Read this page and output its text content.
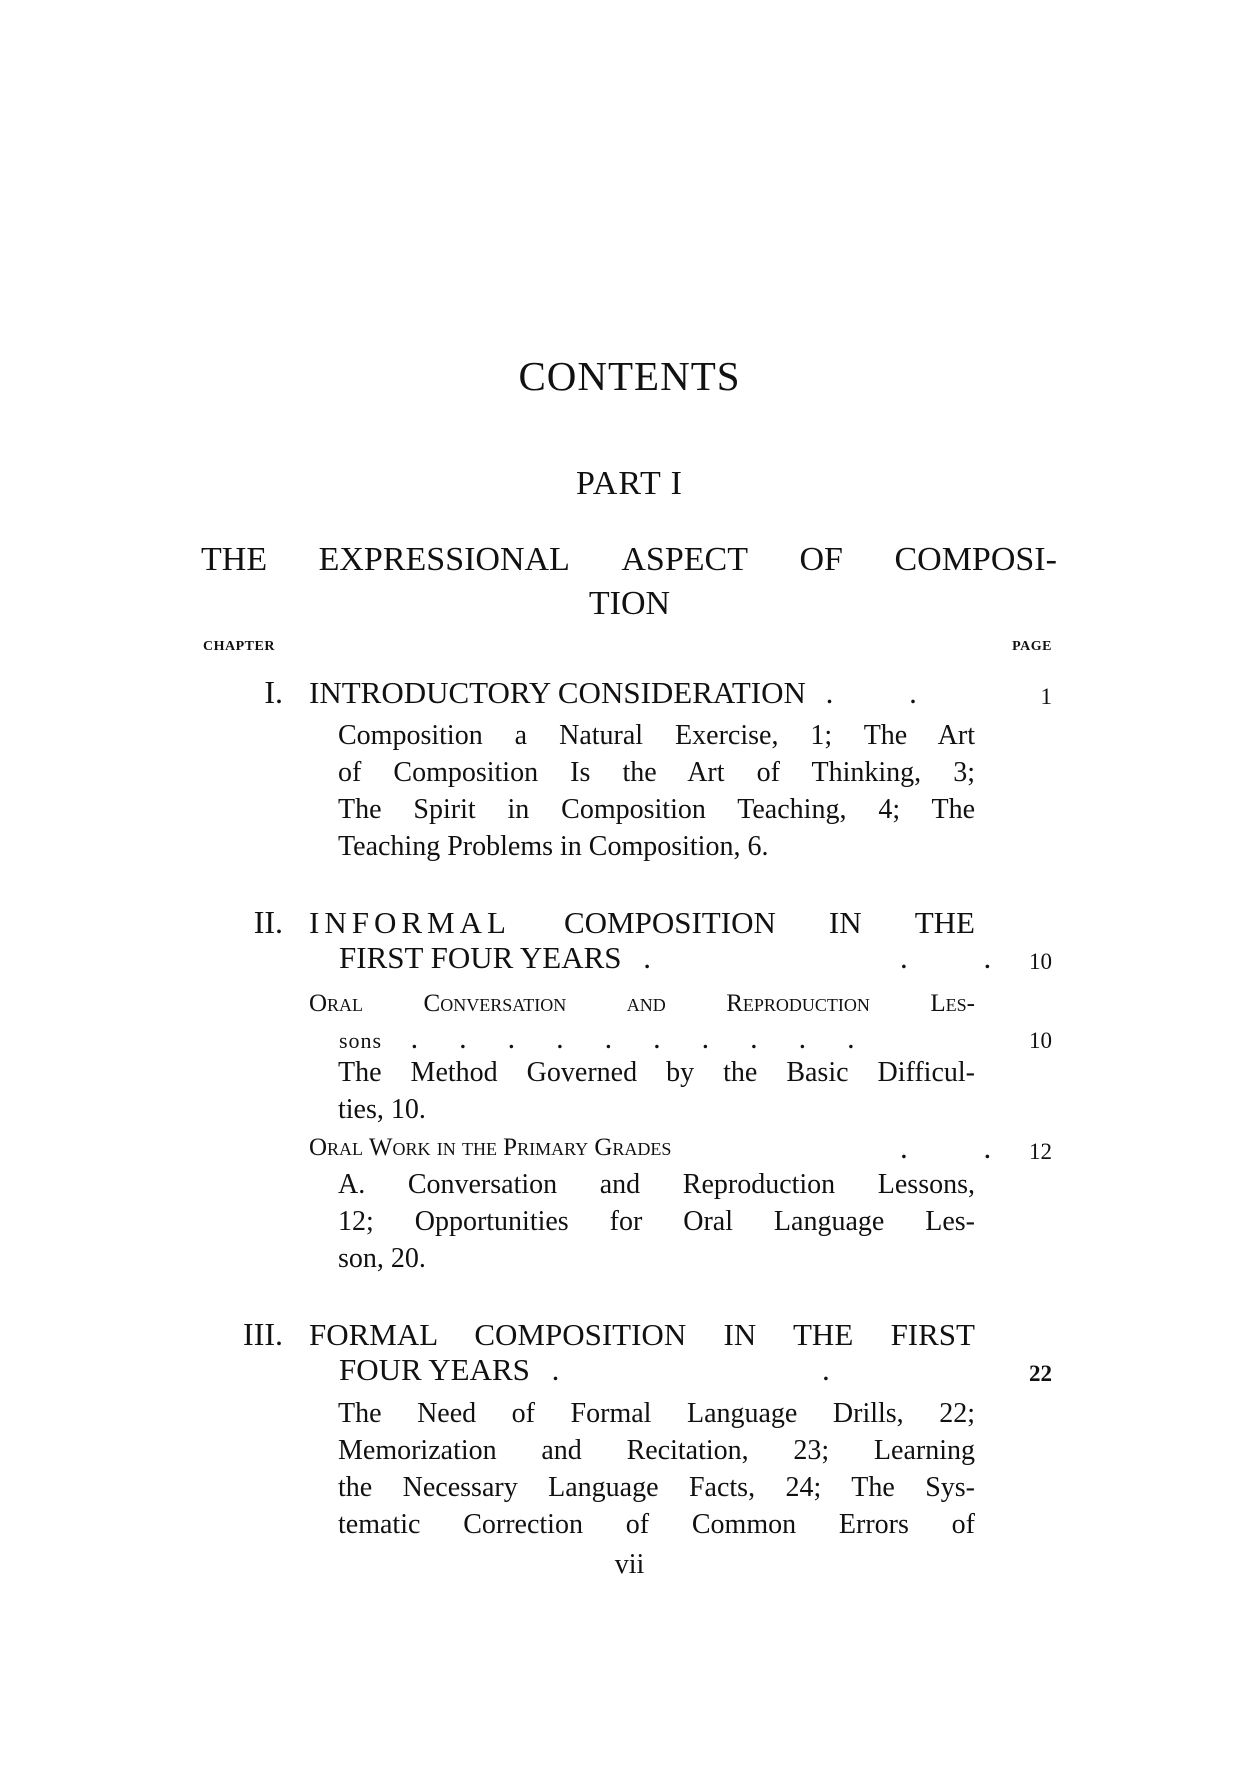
CONTENTS
PART I
THE EXPRESSIONAL ASPECT OF COMPOSI-
TION
CHAPTER	PAGE
I. INTRODUCTORY CONSIDERATION . .	1
Composition a Natural Exercise, 1; The Art
of Composition Is the Art of Thinking, 3;
The Spirit in Composition Teaching, 4; The
Teaching Problems in Composition, 6.
II. INFORMAL COMPOSITION IN THE
FIRST FOUR YEARS .	. . 10
Oral Conversation and Reproduction Les-
sons ..........	10
The Method Governed by the Basic Difficul-
ties, 10.
Oral Work in the Primary Grades	. . 12
A. Conversation and Reproduction Lessons,
12; Opportunities for Oral Language Les-
son, 20.
III. FORMAL COMPOSITION IN THE FIRST
FOUR YEARS .	.	22
The Need of Formal Language Drills, 22;
Memorization and Recitation, 23; Learning
the Necessary Language Facts, 24; The Sys-
tematic Correction of Common Errors of
vii
